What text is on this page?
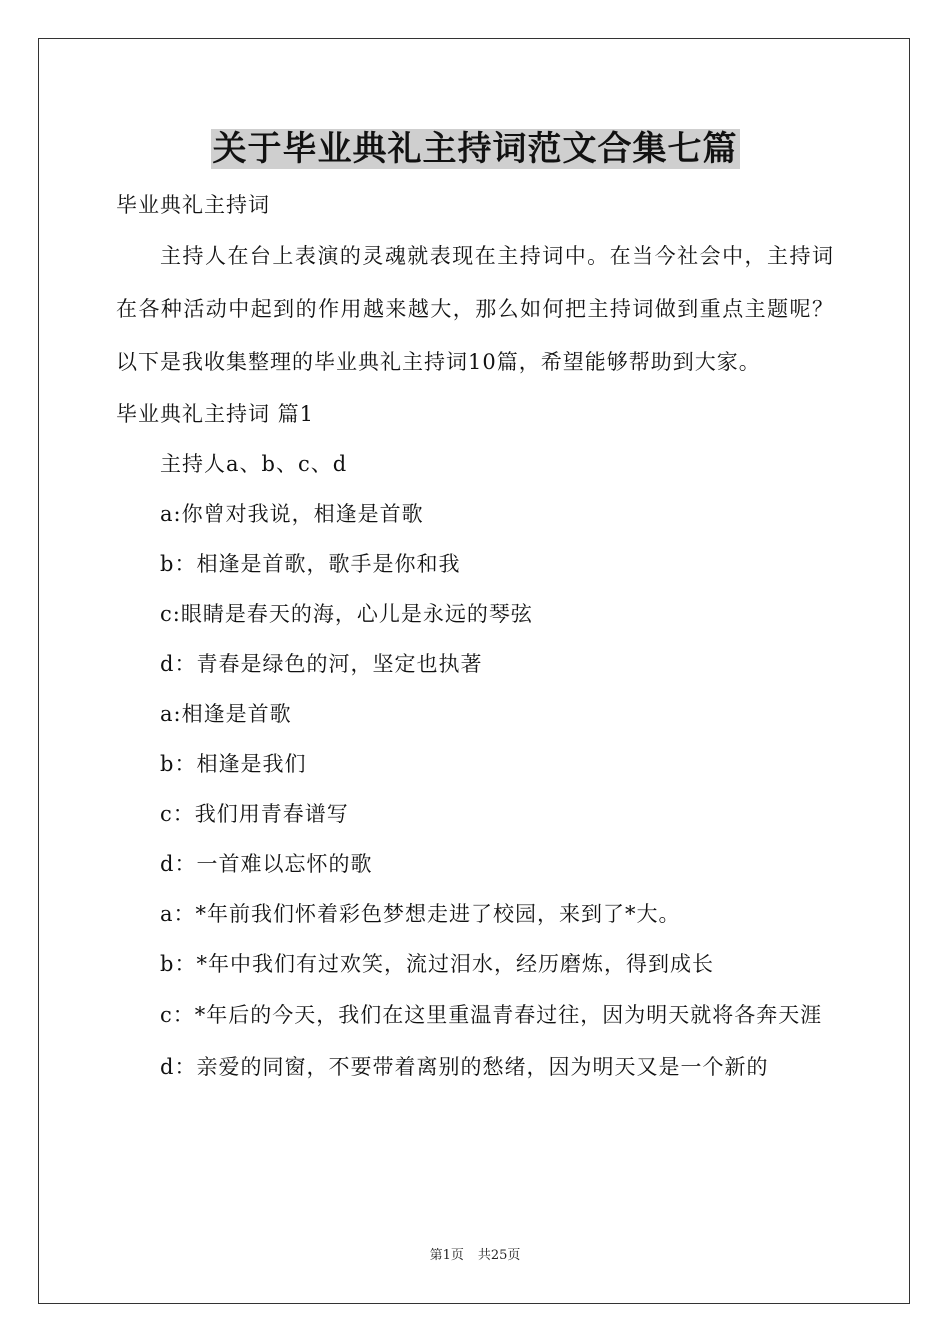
关于毕业典礼主持词范文合集七篇

毕业典礼主持词

主持人在台上表演的灵魂就表现在主持词中。在当今社会中，主持词在各种活动中起到的作用越来越大，那么如何把主持词做到重点主题呢？以下是我收集整理的毕业典礼主持词10篇，希望能够帮助到大家。

毕业典礼主持词 篇1

主持人a、b、c、d

a:你曾对我说，相逢是首歌

b：相逢是首歌，歌手是你和我

c:眼睛是春天的海，心儿是永远的琴弦

d：青春是绿色的河，坚定也执著

a:相逢是首歌

b：相逢是我们

c：我们用青春谱写

d：一首难以忘怀的歌

a：*年前我们怀着彩色梦想走进了校园，来到了*大。

b：*年中我们有过欢笑，流过泪水，经历磨炼，得到成长

c：*年后的今天，我们在这里重温青春过往，因为明天就将各奔天涯

d：亲爱的同窗，不要带着离别的愁绪，因为明天又是一个新的

第1页 共25页
